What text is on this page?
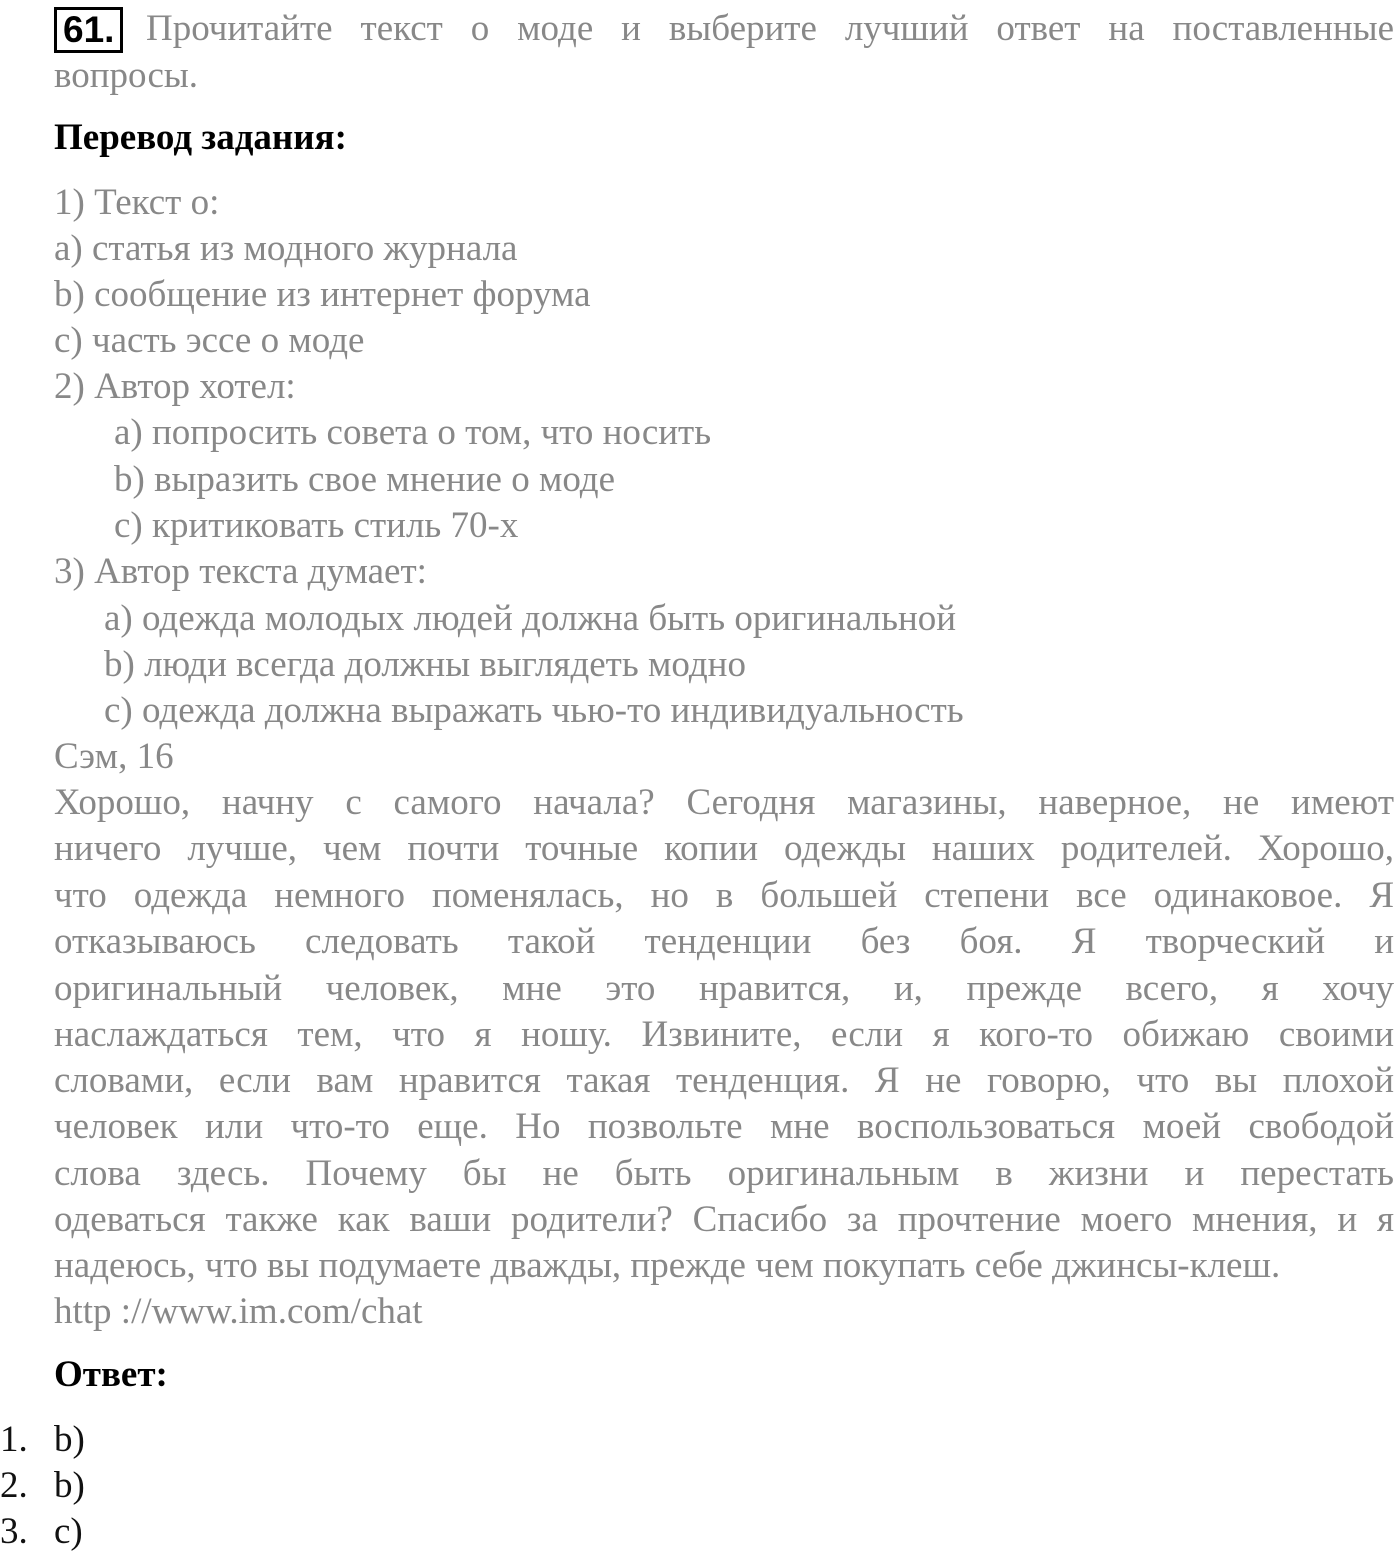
61. Прочитайте текст о моде и выберите лучший ответ на поставленные
вопросы.
Перевод задания:
1) Текст о:
a) статья из модного журнала
b) сообщение из интернет форума
c) часть эссе о моде
2) Автор хотел:
a) попросить совета о том, что носить
b) выразить свое мнение о моде
c) критиковать стиль 70-х
3) Автор текста думает:
a) одежда молодых людей должна быть оригинальной
b) люди всегда должны выглядеть модно
c) одежда должна выражать чью-то индивидуальность
Сэм, 16
Хорошо, начну с самого начала? Сегодня магазины, наверное, не имеют
ничего лучше, чем почти точные копии одежды наших родителей. Хорошо,
что одежда немного поменялась, но в большей степени все одинаковое. Я
отказываюсь следовать такой тенденции без боя. Я творческий и
оригинальный человек, мне это нравится, и, прежде всего, я хочу
наслаждаться тем, что я ношу. Извините, если я кого-то обижаю своими
словами, если вам нравится такая тенденция. Я не говорю, что вы плохой
человек или что-то еще. Но позвольте мне воспользоваться моей свободой
слова здесь. Почему бы не быть оригинальным в жизни и перестать
одеваться также как ваши родители? Спасибо за прочтение моего мнения, и я
надеюсь, что вы подумаете дважды, прежде чем покупать себе джинсы-клеш.
http ://www.im.com/chat
Ответ:
1. b)
2. b)
3. c)
